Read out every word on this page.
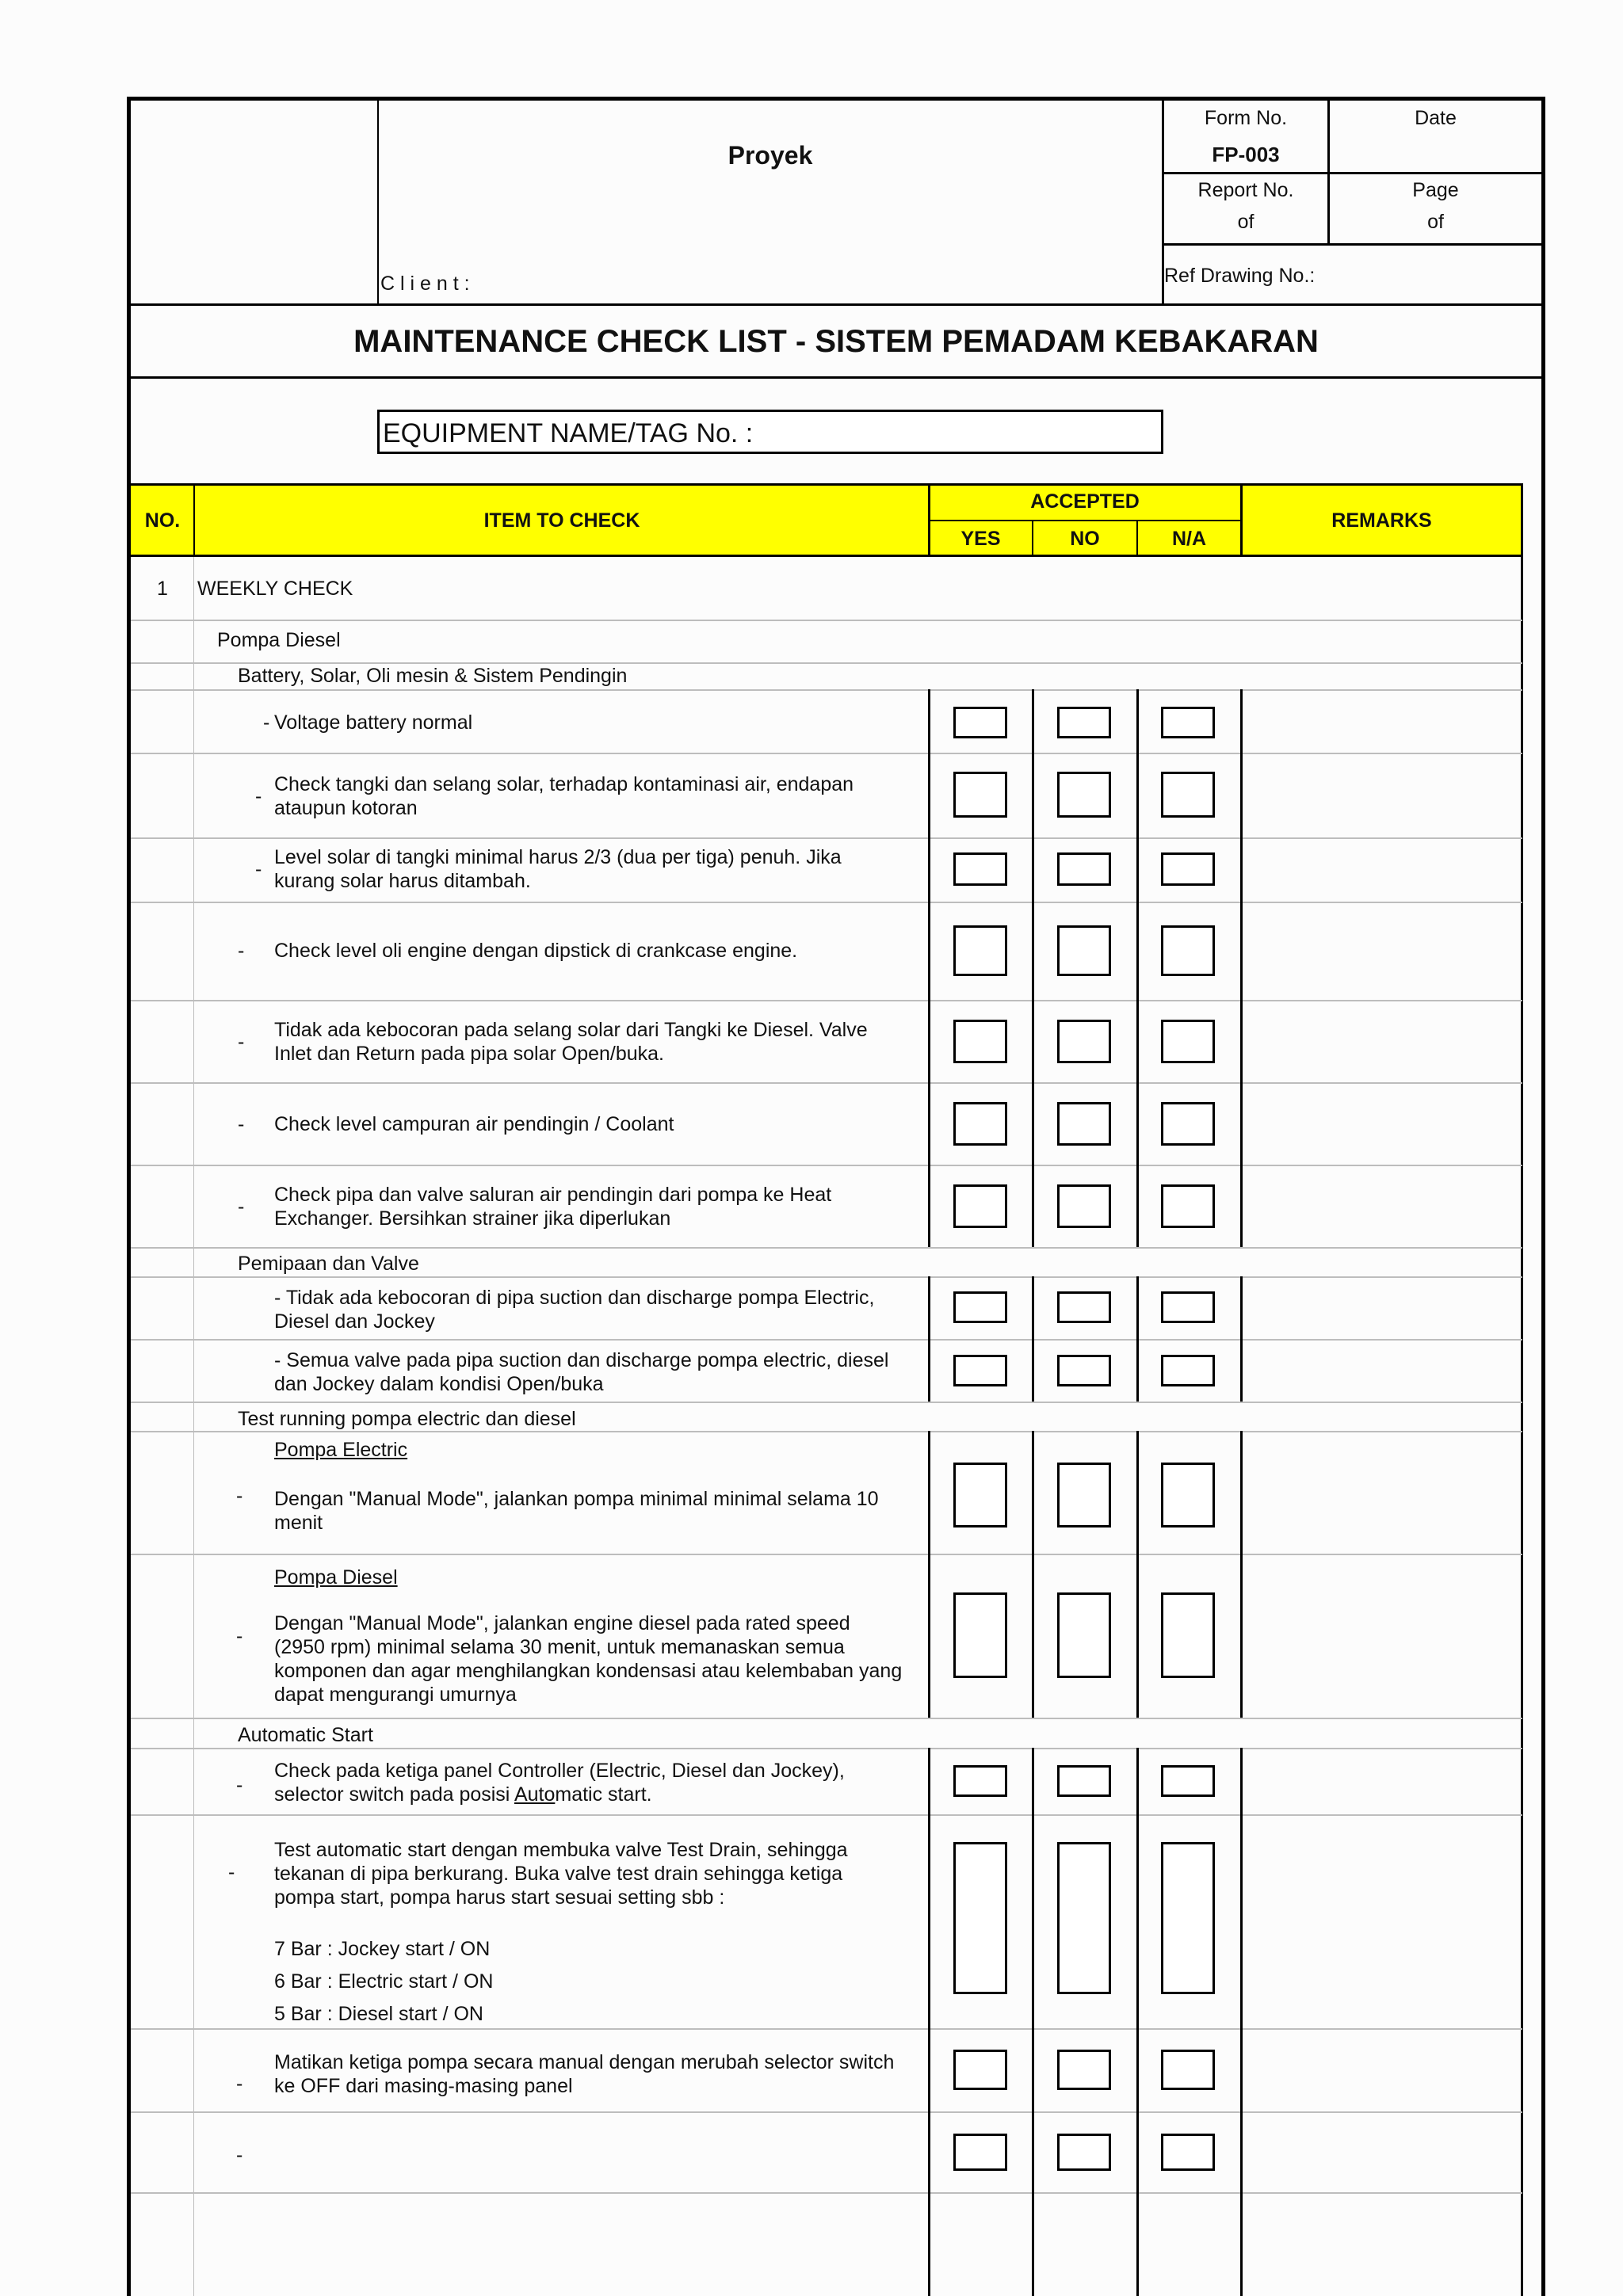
Proyek
C l i e n t :
Form No.
FP-003
Date
Report No.
of
Page
of
Ref Drawing No.:
MAINTENANCE CHECK LIST - SISTEM PEMADAM KEBAKARAN
EQUIPMENT NAME/TAG No. :
NO.	ITEM TO CHECK
ACCEPTED
YES	NO	N/A
REMARKS
1	WEEKLY CHECK
Pompa Diesel
Battery, Solar, Oli mesin & Sistem Pendingin
- Voltage battery normal
-
Check tangki dan selang solar, terhadap kontaminasi air, endapan
ataupun kotoran
-
Level solar di tangki minimal harus 2/3 (dua per tiga) penuh. Jika
kurang solar harus ditambah.
- Check level oli engine dengan dipstick di crankcase engine.
-
Tidak ada kebocoran pada selang solar dari Tangki ke Diesel. Valve
Inlet dan Return pada pipa solar Open/buka.
- Check level campuran air pendingin / Coolant
-
Check pipa dan valve saluran air pendingin dari pompa ke Heat
Exchanger. Bersihkan strainer jika diperlukan
Pemipaan dan Valve
- Tidak ada kebocoran di pipa suction dan discharge pompa Electric,
Diesel dan Jockey
- Semua valve pada pipa suction dan discharge pompa electric, diesel
dan Jockey dalam kondisi Open/buka
Test running pompa electric dan diesel
Pompa Electric
- Dengan "Manual Mode", jalankan pompa minimal minimal selama 10
menit
Pompa Diesel
-
Dengan "Manual Mode", jalankan engine diesel pada rated speed
(2950 rpm) minimal selama 30 menit, untuk memanaskan semua
komponen dan agar menghilangkan kondensasi atau kelembaban yang
dapat mengurangi umurnya
Automatic Start
-
Check pada ketiga panel Controller (Electric, Diesel dan Jockey),
selector switch pada posisi Automatic start.
-
Test automatic start dengan membuka valve Test Drain, sehingga
tekanan di pipa berkurang. Buka valve test drain sehingga ketiga
pompa start, pompa harus start sesuai setting sbb :
7 Bar : Jockey start / ON
6 Bar : Electric start / ON
5 Bar : Diesel start / ON
-
Matikan ketiga pompa secara manual dengan merubah selector switch
ke OFF dari masing-masing panel
-
